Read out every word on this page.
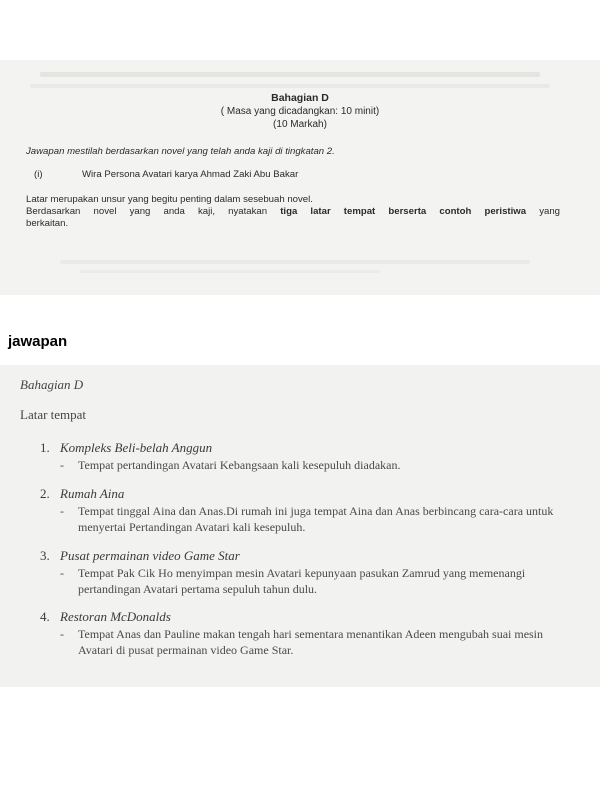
Bahagian D
( Masa yang dicadangkan: 10 minit)
(10 Markah)
Jawapan mestilah berdasarkan novel yang telah anda kaji di tingkatan 2.
(i)	Wira Persona Avatari karya Ahmad Zaki Abu Bakar
Latar merupakan unsur yang begitu penting dalam sesebuah novel.
Berdasarkan novel yang anda kaji, nyatakan tiga latar tempat berserta contoh peristiwa yang
berkaitan.
jawapan
Bahagian D
Latar tempat
1. Kompleks Beli-belah Anggun
- Tempat pertandingan Avatari Kebangsaan kali kesepuluh diadakan.
2. Rumah Aina
- Tempat tinggal Aina dan Anas.Di rumah ini juga tempat Aina dan Anas berbincang cara-cara untuk menyertai Pertandingan Avatari kali kesepuluh.
3. Pusat permainan video Game Star
- Tempat Pak Cik Ho menyimpan mesin Avatari kepunyaan pasukan Zamrud yang memenangi pertandingan Avatari pertama sepuluh tahun dulu.
4. Restoran McDonalds
- Tempat Anas dan Pauline makan tengah hari sementara menantikan Adeen mengubah suai mesin Avatari di pusat permainan video Game Star.
